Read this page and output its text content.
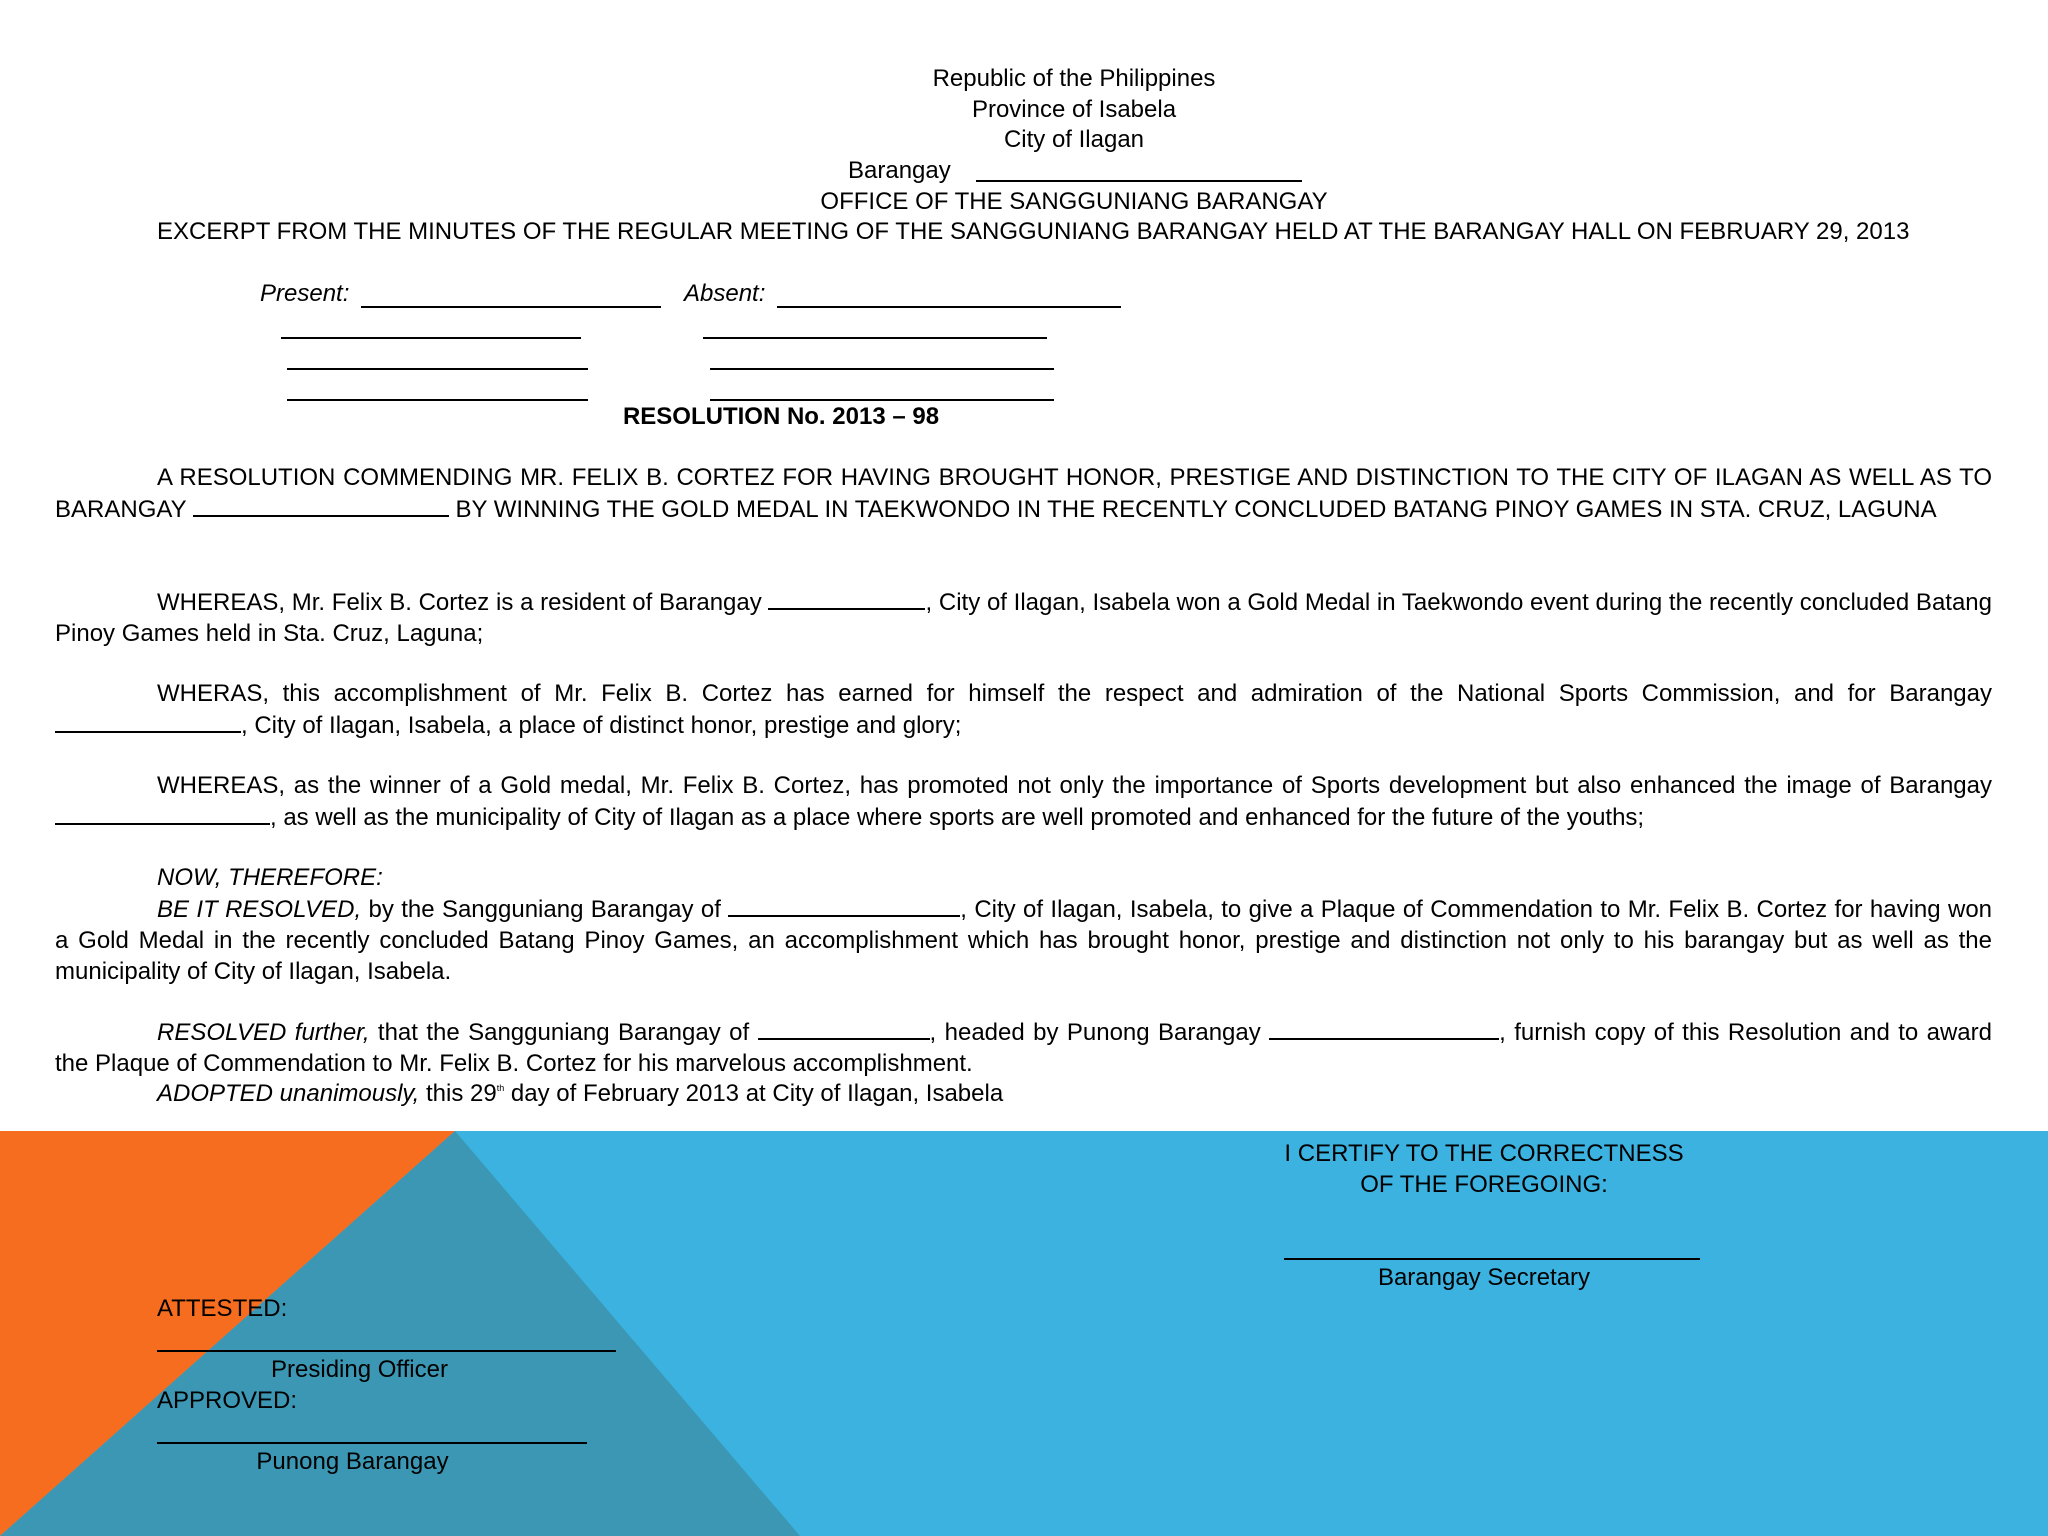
Republic of the Philippines
Province of Isabela
City of Ilagan
Barangay
OFFICE OF THE SANGGUNIANG BARANGAY
EXCERPT FROM THE MINUTES OF THE REGULAR MEETING OF THE SANGGUNIANG BARANGAY HELD AT THE BARANGAY HALL ON FEBRUARY 29, 2013
Present:	Absent:
RESOLUTION No. 2013 – 98
A RESOLUTION COMMENDING MR. FELIX B. CORTEZ FOR HAVING BROUGHT HONOR, PRESTIGE AND DISTINCTION TO THE CITY OF ILAGAN AS WELL AS TO BARANGAY	BY WINNING THE GOLD MEDAL IN TAEKWONDO IN THE RECENTLY CONCLUDED BATANG PINOY GAMES IN STA. CRUZ, LAGUNA
WHEREAS, Mr. Felix B. Cortez is a resident of Barangay	, City of Ilagan, Isabela won a Gold Medal in Taekwondo event during the recently concluded Batang Pinoy Games held in Sta. Cruz, Laguna;
WHERAS, this accomplishment of Mr. Felix B. Cortez has earned for himself the respect and admiration of the National Sports Commission, and for Barangay , City of Ilagan, Isabela, a place of distinct honor, prestige and glory;
WHEREAS, as the winner of a Gold medal, Mr. Felix B. Cortez, has promoted not only the importance of Sports development but also enhanced the image of Barangay , as well as the municipality of City of Ilagan as a place where sports are well promoted and enhanced for the future of the youths;
NOW, THEREFORE:
BE IT RESOLVED, by the Sangguniang Barangay of	, City of Ilagan, Isabela, to give a Plaque of Commendation to Mr. Felix B. Cortez for having won a Gold Medal in the recently concluded Batang Pinoy Games, an accomplishment which has brought honor, prestige and distinction not only to his barangay but as well as the municipality of City of Ilagan, Isabela.
RESOLVED further, that the Sangguniang Barangay of	, headed by Punong Barangay	, furnish copy of this Resolution and to award the Plaque of Commendation to Mr. Felix B. Cortez for his marvelous accomplishment.
ADOPTED unanimously, this 29th day of February 2013 at City of Ilagan, Isabela
I CERTIFY TO THE CORRECTNESS
OF THE FOREGOING:
Barangay Secretary
ATTESTED:
Presiding Officer
APPROVED:
Punong Barangay
